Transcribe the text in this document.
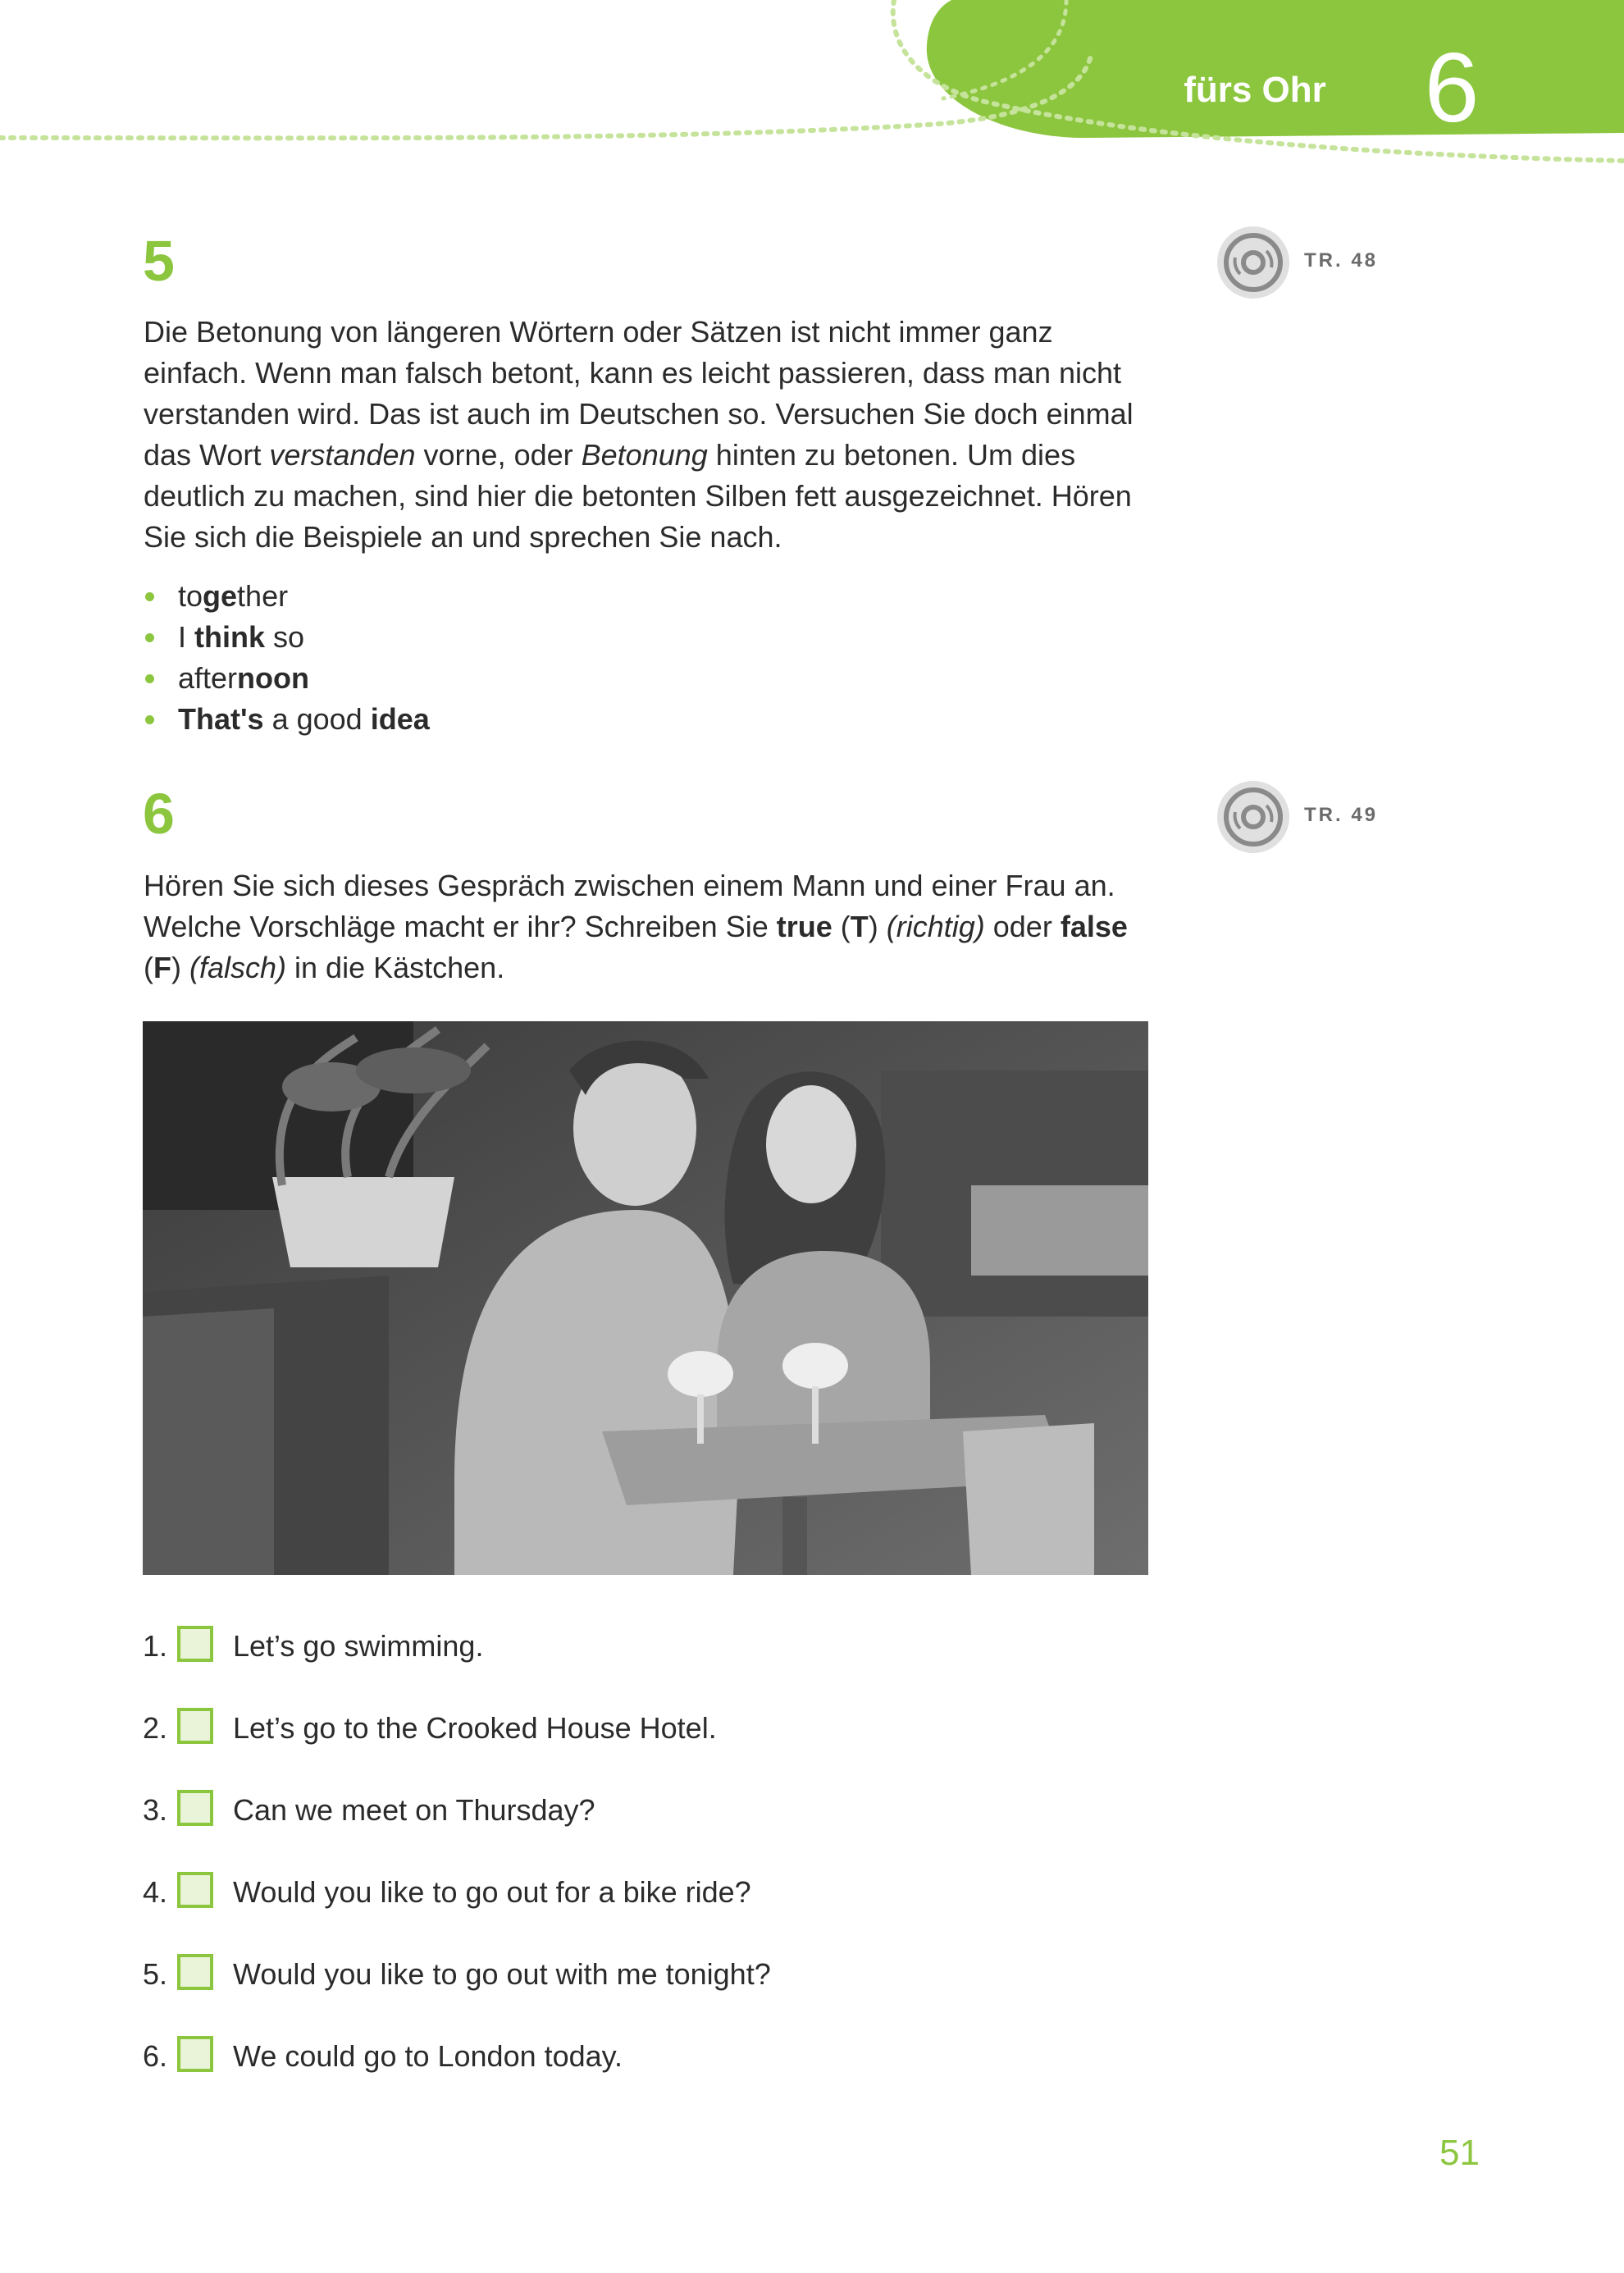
fürs Ohr 6
5	TR. 48
Die Betonung von längeren Wörtern oder Sätzen ist nicht immer ganz einfach. Wenn man falsch betont, kann es leicht passieren, dass man nicht verstanden wird. Das ist auch im Deutschen so. Versuchen Sie doch einmal das Wort verstanden vorne, oder Betonung hinten zu betonen. Um dies deutlich zu machen, sind hier die betonten Silben fett ausgezeichnet. Hören Sie sich die Beispiele an und sprechen Sie nach.
together
I think so
afternoon
That's a good idea
6	TR. 49
Hören Sie sich dieses Gespräch zwischen einem Mann und einer Frau an. Welche Vorschläge macht er ihr? Schreiben Sie true (T) (richtig) oder false (F) (falsch) in die Kästchen.
1. Let’s go swimming.
2. Let’s go to the Crooked House Hotel.
3. Can we meet on Thursday?
4. Would you like to go out for a bike ride?
5. Would you like to go out with me tonight?
6. We could go to London today.
51
